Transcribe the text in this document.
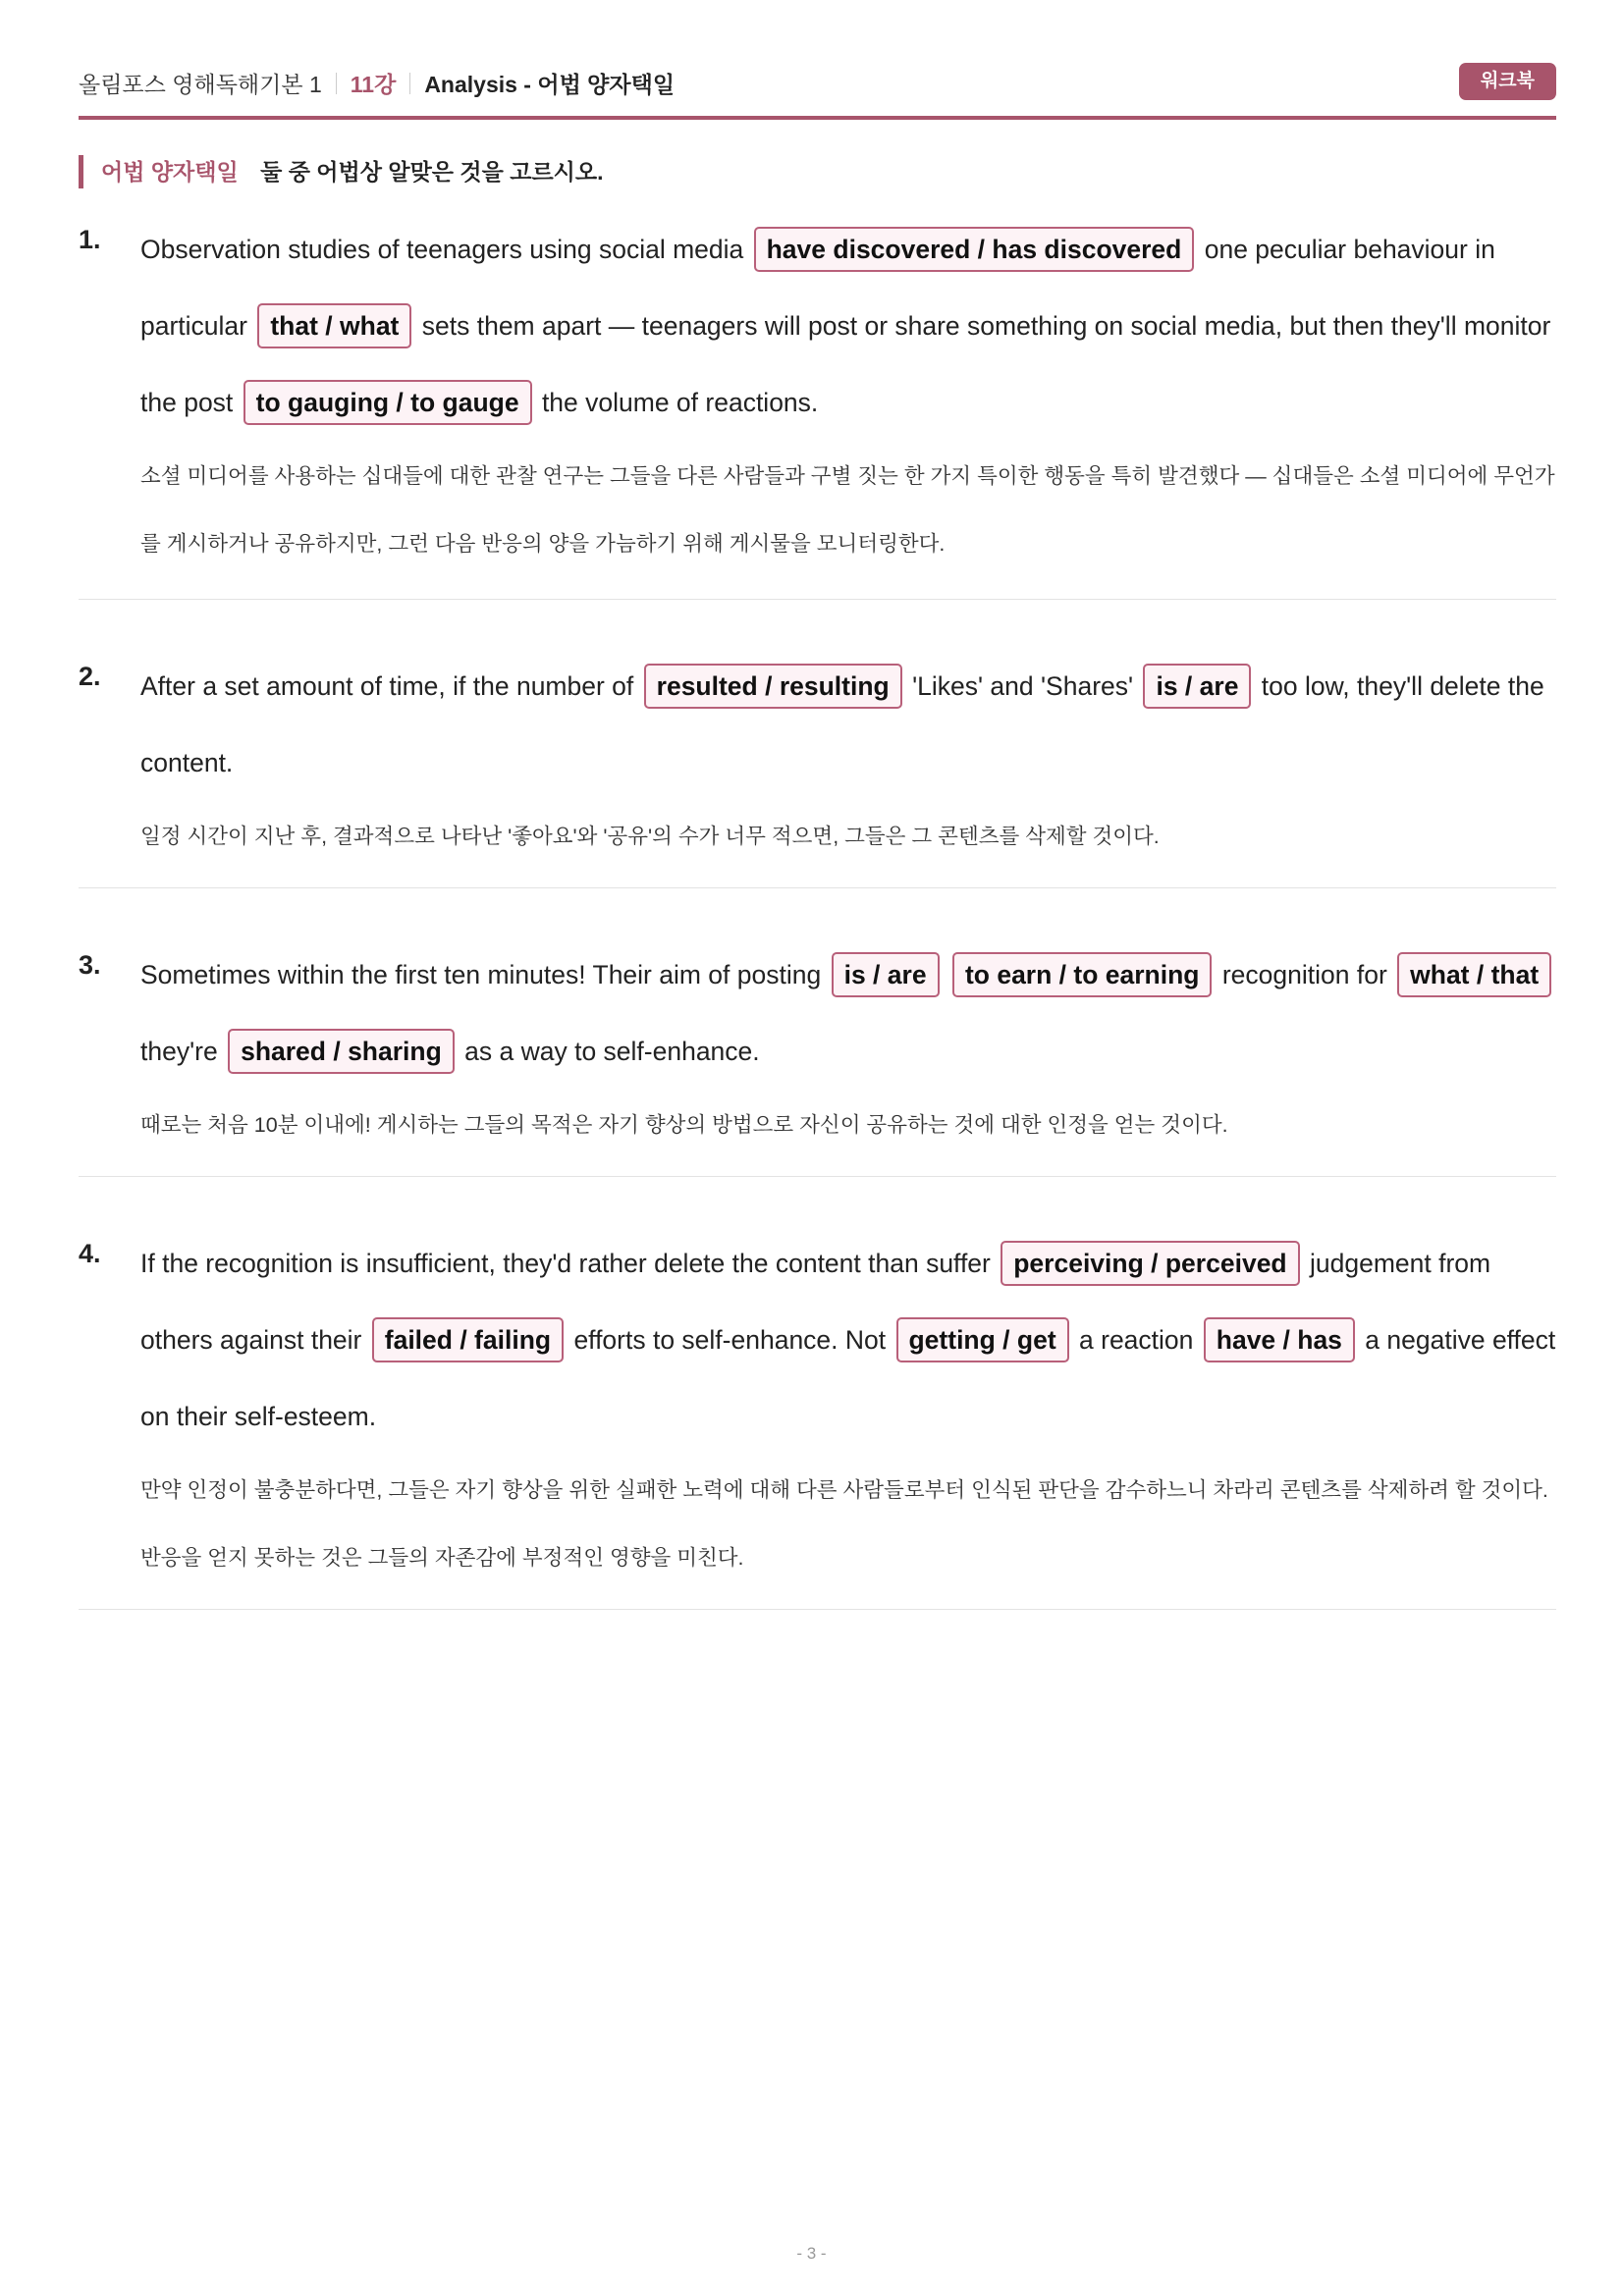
올림포스 영해독해기본 1 11강 Analysis - 어법 양자택일	워크북
어법 양자택일 둘 중 어법상 알맞은 것을 고르시오.
1. Observation studies of teenagers using social media have discovered / has discovered one peculiar behaviour in particular that / what sets them apart — teenagers will post or share something on social media, but then they'll monitor the post to gauging / to gauge the volume of reactions.
소셜 미디어를 사용하는 십대들에 대한 관찰 연구는 그들을 다른 사람들과 구별 짓는 한 가지 특이한 행동을 특히 발견했다 — 십대들은 소셜 미디어에 무언가를 게시하거나 공유하지만, 그런 다음 반응의 양을 가늠하기 위해 게시물을 모니터링한다.
2. After a set amount of time, if the number of resulted / resulting 'Likes' and 'Shares' is / are too low, they'll delete the content.
일정 시간이 지난 후, 결과적으로 나타난 '좋아요'와 '공유'의 수가 너무 적으면, 그들은 그 콘텐츠를 삭제할 것이다.
3. Sometimes within the first ten minutes! Their aim of posting is / are to earn / to earning recognition for what / that they're shared / sharing as a way to self-enhance.
때로는 처음 10분 이내에! 게시하는 그들의 목적은 자기 향상의 방법으로 자신이 공유하는 것에 대한 인정을 얻는 것이다.
4. If the recognition is insufficient, they'd rather delete the content than suffer perceiving / perceived judgement from others against their failed / failing efforts to self-enhance. Not getting / get a reaction have / has a negative effect on their self-esteem.
만약 인정이 불충분하다면, 그들은 자기 향상을 위한 실패한 노력에 대해 다른 사람들로부터 인식된 판단을 감수하느니 차라리 콘텐츠를 삭제하려 할 것이다. 반응을 얻지 못하는 것은 그들의 자존감에 부정적인 영향을 미친다.
- 3 -
